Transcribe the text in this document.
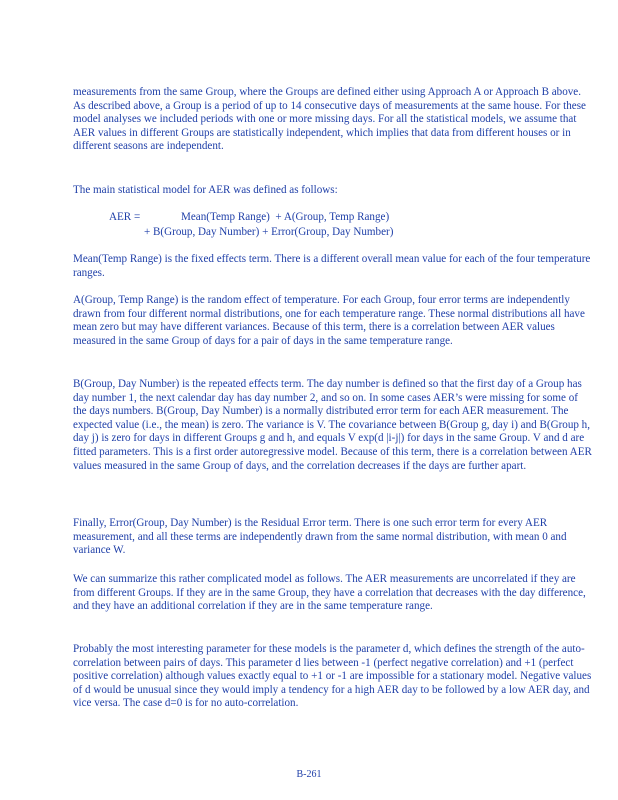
measurements from the same Group, where the Groups are defined either using Approach A or Approach B above. As described above, a Group is a period of up to 14 consecutive days of measurements at the same house. For these model analyses we included periods with one or more missing days. For all the statistical models, we assume that AER values in different Groups are statistically independent, which implies that data from different houses or in different seasons are independent.

The main statistical model for AER was defined as follows:

AER =	Mean(Temp Range)  + A(Group, Temp Range)
+ B(Group, Day Number) + Error(Group, Day Number)

Mean(Temp Range) is the fixed effects term. There is a different overall mean value for each of the four temperature ranges.

A(Group, Temp Range) is the random effect of temperature. For each Group, four error terms are independently drawn from four different normal distributions, one for each temperature range. These normal distributions all have mean zero but may have different variances. Because of this term, there is a correlation between AER values measured in the same Group of days for a pair of days in the same temperature range.

B(Group, Day Number) is the repeated effects term. The day number is defined so that the first day of a Group has day number 1, the next calendar day has day number 2, and so on. In some cases AER’s were missing for some of the days numbers. B(Group, Day Number) is a normally distributed error term for each AER measurement. The expected value (i.e., the mean) is zero. The variance is V. The covariance between B(Group g, day i) and B(Group h, day j) is zero for days in different Groups g and h, and equals V exp(d |i-j|) for days in the same Group. V and d are fitted parameters. This is a first order autoregressive model. Because of this term, there is a correlation between AER values measured in the same Group of days, and the correlation decreases if the days are further apart.

Finally, Error(Group, Day Number) is the Residual Error term. There is one such error term for every AER measurement, and all these terms are independently drawn from the same normal distribution, with mean 0 and variance W.

We can summarize this rather complicated model as follows. The AER measurements are uncorrelated if they are from different Groups. If they are in the same Group, they have a correlation that decreases with the day difference, and they have an additional correlation if they are in the same temperature range.

Probably the most interesting parameter for these models is the parameter d, which defines the strength of the auto-correlation between pairs of days. This parameter d lies between -1 (perfect negative correlation) and +1 (perfect positive correlation) although values exactly equal to +1 or -1 are impossible for a stationary model. Negative values of d would be unusual since they would imply a tendency for a high AER day to be followed by a low AER day, and vice versa. The case d=0 is for no auto-correlation.

B-261
